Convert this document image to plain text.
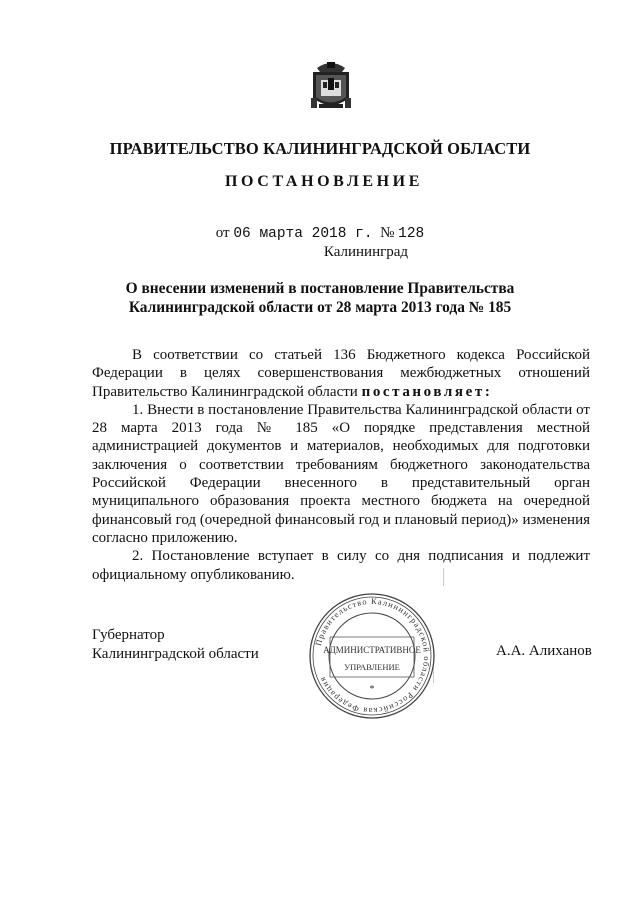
ПРАВИТЕЛЬСТВО КАЛИНИНГРАДСКОЙ ОБЛАСТИ
ПОСТАНОВЛЕНИЕ
от 06 марта 2018 г. № 128
Калининград
О внесении изменений в постановление Правительства
Калининградской области от 28 марта 2013 года № 185

В соответствии со статьей 136 Бюджетного кодекса Российской Федерации в целях совершенствования межбюджетных отношений Правительство Калининградской области постановляет:

1. Внести в постановление Правительства Калининградской области от 28 марта 2013 года № 185 «О порядке представления местной администрацией документов и материалов, необходимых для подготовки заключения о соответствии требованиям бюджетного законодательства Российской Федерации внесенного в представительный орган муниципального образования проекта местного бюджета на очередной финансовый год (очередной финансовый год и плановый период)» изменения согласно приложению.

2. Постановление вступает в силу со дня подписания и подлежит официальному опубликованию.

Губернатор
Калининградской области	А.А. Алиханов
Правительство Калининградской области Российская Федерация
АДМИНИСТРАТИВНОЕ
УПРАВЛЕНИЕ
*
